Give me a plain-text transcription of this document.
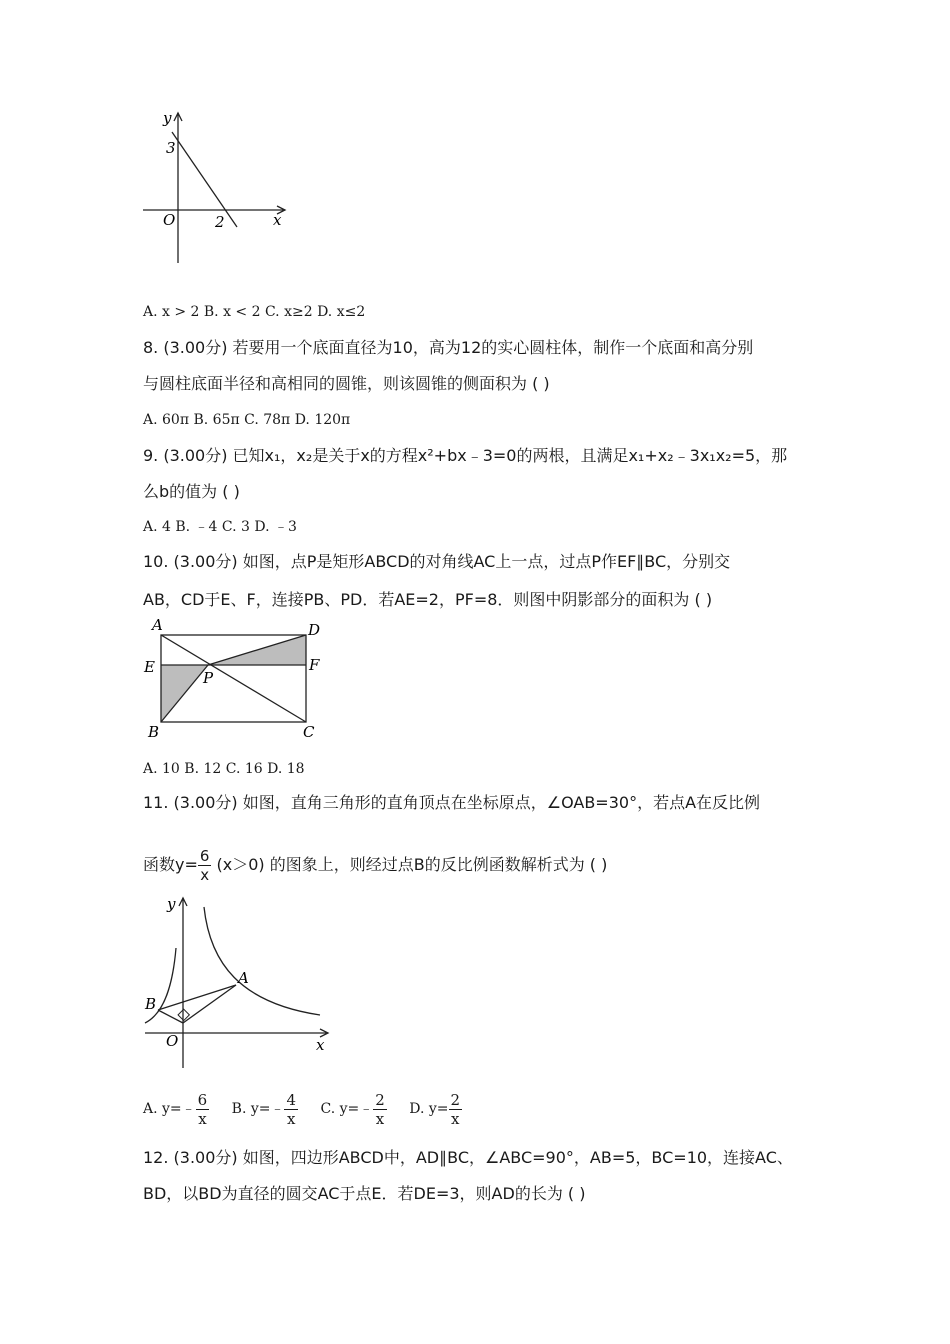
y
x
O
3
2
A. x > 2 B. x < 2 C. x≥2 D. x≤2
8. (3.00分) 若要用一个底面直径为10，高为12的实心圆柱体，制作一个底面和高分别
与圆柱底面半径和高相同的圆锥，则该圆锥的侧面积为 ( )
A. 60π B. 65π C. 78π D. 120π
9. (3.00分) 已知x₁，x₂是关于x的方程x²+bx﹣3=0的两根，且满足x₁+x₂﹣3x₁x₂=5，那
么b的值为 ( )
A. 4 B. ﹣4 C. 3 D. ﹣3
10. (3.00分) 如图，点P是矩形ABCD的对角线AC上一点，过点P作EF∥BC，分别交
AB，CD于E、F，连接PB、PD．若AE=2，PF=8．则图中阴影部分的面积为 ( )
A	D
E	F
P
B	C
A. 10 B. 12 C. 16 D. 18
11. (3.00分) 如图，直角三角形的直角顶点在坐标原点，∠OAB=30°，若点A在反比例
函数$y= \frac{6}{x} (x>0)$ 的图象上，则经过点B的反比例函数解析式为 ( )
y
x
O
A
B
A. y=﹣ $\frac{6}{x} B$. y=﹣ $\frac{4}{x} C$. y=﹣ $\frac{2}{x} D$. $y= \frac{2}{x}$
12. (3.00分) 如图，四边形ABCD中，AD∥BC，∠ABC=90°，AB=5，BC=10，连接AC、
BD，以BD为直径的圆交AC于点E．若DE=3，则AD的长为 ( )
